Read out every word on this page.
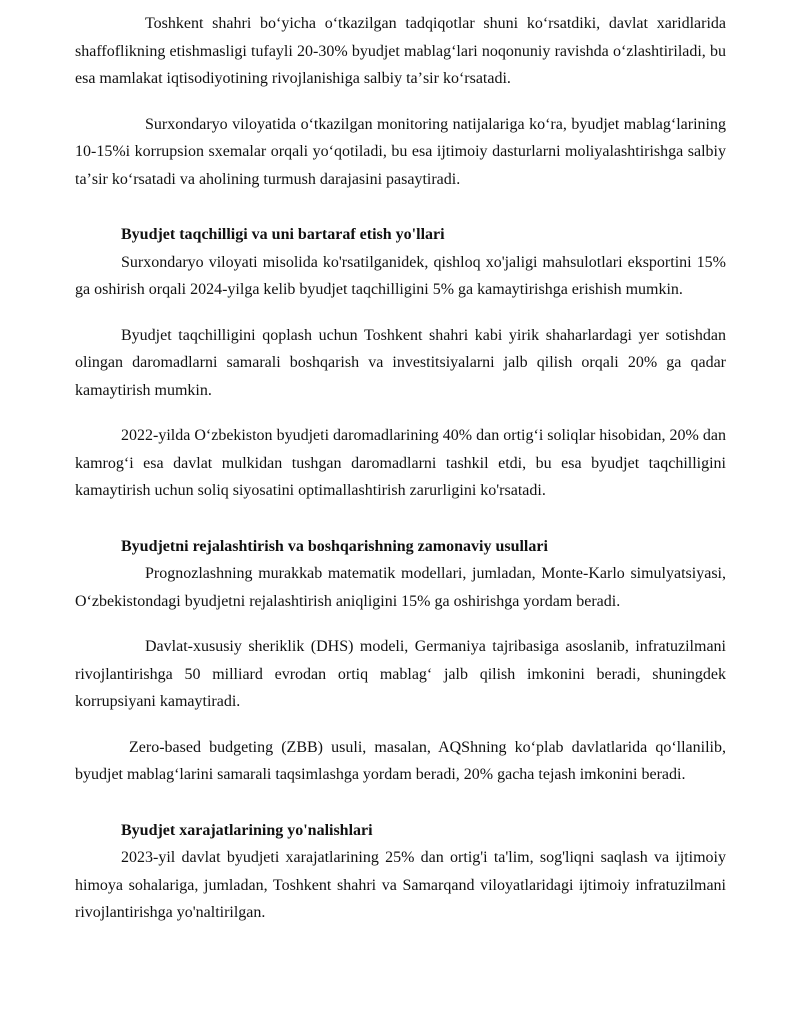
Toshkent shahri boʻyicha oʻtkazilgan tadqiqotlar shuni koʻrsatdiki, davlat xaridlarida shaffoflikning etishmasligi tufayli 20-30% byudjet mablagʻlari noqonuniy ravishda oʻzlashtiriladi, bu esa mamlakat iqtisodiyotining rivojlanishiga salbiy taʼsir koʻrsatadi.

Surxondaryo viloyatida oʻtkazilgan monitoring natijalariga koʻra, byudjet mablagʻlarining 10-15%i korrupsion sxemalar orqali yoʻqotiladi, bu esa ijtimoiy dasturlarni moliyalashtirishga salbiy taʼsir koʻrsatadi va aholining turmush darajasini pasaytiradi.

Byudjet taqchilligi va uni bartaraf etish yo'llari

Surxondaryo viloyati misolida ko'rsatilganidek, qishloq xo'jaligi mahsulotlari eksportini 15% ga oshirish orqali 2024-yilga kelib byudjet taqchilligini 5% ga kamaytirishga erishish mumkin.

Byudjet taqchilligini qoplash uchun Toshkent shahri kabi yirik shaharlardagi yer sotishdan olingan daromadlarni samarali boshqarish va investitsiyalarni jalb qilish orqali 20% ga qadar kamaytirish mumkin.

2022-yilda Oʻzbekiston byudjeti daromadlarining 40% dan ortigʻi soliqlar hisobidan, 20% dan kamrogʻi esa davlat mulkidan tushgan daromadlarni tashkil etdi, bu esa byudjet taqchilligini kamaytirish uchun soliq siyosatini optimallashtirish zarurligini ko'rsatadi.

Byudjetni rejalashtirish va boshqarishning zamonaviy usullari

Prognozlashning murakkab matematik modellari, jumladan, Monte-Karlo simulyatsiyasi, Oʻzbekistondagi byudjetni rejalashtirish aniqligini 15% ga oshirishga yordam beradi.

Davlat-xususiy sheriklik (DHS) modeli, Germaniya tajribasiga asoslanib, infratuzilmani rivojlantirishga 50 milliard evrodan ortiq mablagʻ jalb qilish imkonini beradi, shuningdek korrupsiyani kamaytiradi.

Zero-based budgeting (ZBB) usuli, masalan, AQShning koʻplab davlatlarida qoʻllanilib, byudjet mablagʻlarini samarali taqsimlashga yordam beradi, 20% gacha tejash imkonini beradi.

Byudjet xarajatlarining yo'nalishlari

2023-yil davlat byudjeti xarajatlarining 25% dan ortig'i ta'lim, sog'liqni saqlash va ijtimoiy himoya sohalariga, jumladan, Toshkent shahri va Samarqand viloyatlaridagi ijtimoiy infratuzilmani rivojlantirishga yo'naltirilgan.
